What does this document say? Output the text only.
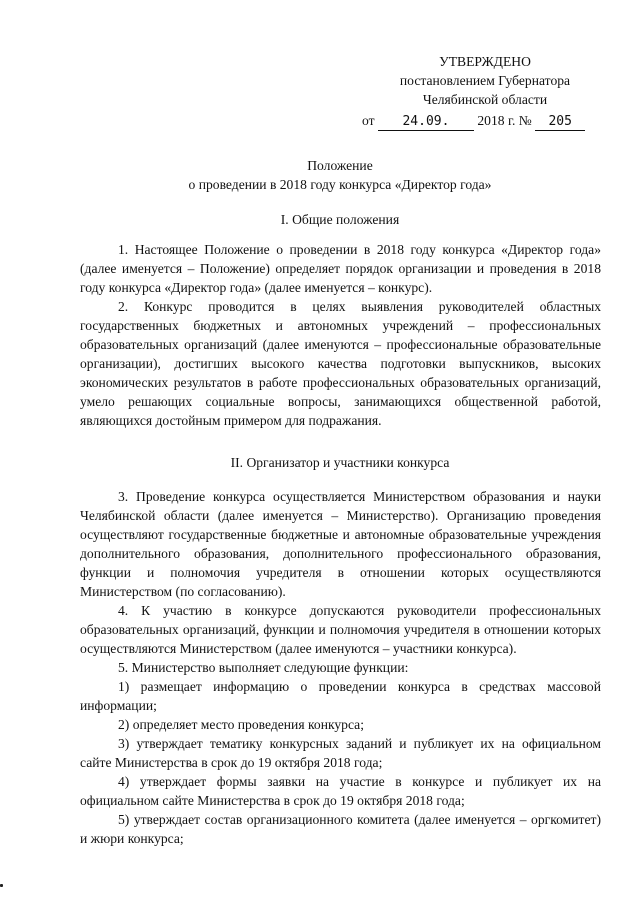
УТВЕРЖДЕНО
постановлением Губернатора
Челябинской области
от 24.09. 2018 г. № 205
Положение
о проведении в 2018 году конкурса «Директор года»
I. Общие положения

1. Настоящее Положение о проведении в 2018 году конкурса «Директор года» (далее именуется – Положение) определяет порядок организации и проведения в 2018 году конкурса «Директор года» (далее именуется – конкурс).

2. Конкурс проводится в целях выявления руководителей областных государственных бюджетных и автономных учреждений – профессиональных образовательных организаций (далее именуются – профессиональные образовательные организации), достигших высокого качества подготовки выпускников, высоких экономических результатов в работе профессиональных образовательных организаций, умело решающих социальные вопросы, занимающихся общественной работой, являющихся достойным примером для подражания.

II. Организатор и участники конкурса

3. Проведение конкурса осуществляется Министерством образования и науки Челябинской области (далее именуется – Министерство). Организацию проведения осуществляют государственные бюджетные и автономные образовательные учреждения дополнительного образования, дополнительного профессионального образования, функции и полномочия учредителя в отношении которых осуществляются Министерством (по согласованию).

4. К участию в конкурсе допускаются руководители профессиональных образовательных организаций, функции и полномочия учредителя в отношении которых осуществляются Министерством (далее именуются – участники конкурса).

5. Министерство выполняет следующие функции:

1) размещает информацию о проведении конкурса в средствах массовой информации;

2) определяет место проведения конкурса;

3) утверждает тематику конкурсных заданий и публикует их на официальном сайте Министерства в срок до 19 октября 2018 года;

4) утверждает формы заявки на участие в конкурсе и публикует их на официальном сайте Министерства в срок до 19 октября 2018 года;

5) утверждает состав организационного комитета (далее именуется – оргкомитет) и жюри конкурса;
